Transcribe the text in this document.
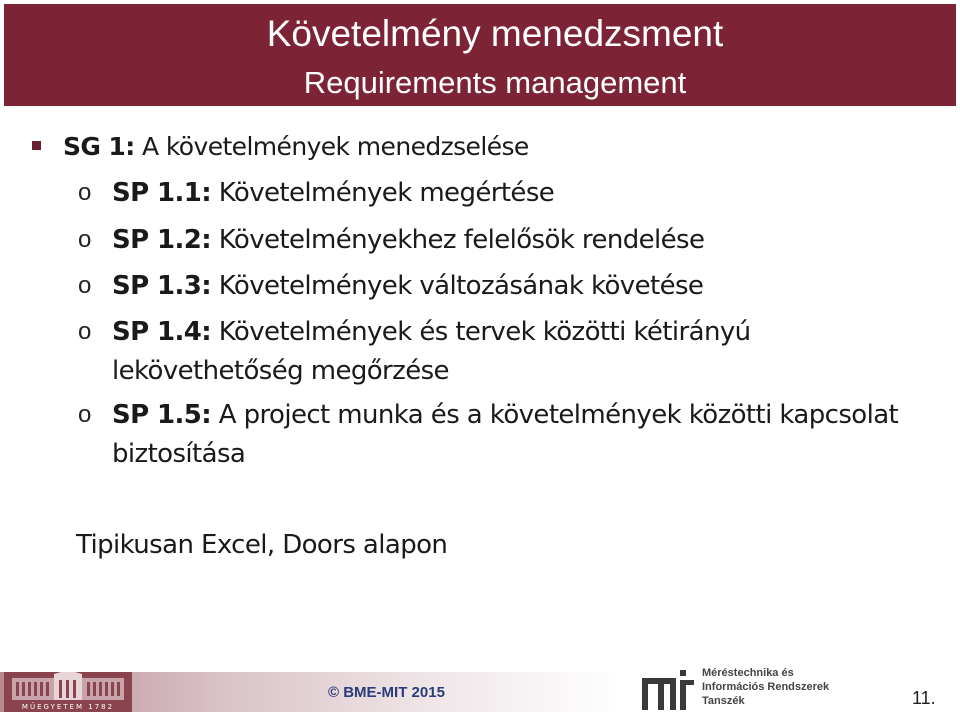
Követelmény menedzsment
Requirements management
SG 1: A követelmények menedzselése
o SP 1.1: Követelmények megértése
o SP 1.2: Követelményekhez felelősök rendelése
o SP 1.3: Követelmények változásának követése
o SP 1.4: Követelmények és tervek közötti kétirányú
lekövethetőség megőrzése
o SP 1.5: A project munka és a követelmények közötti kapcsolat
biztosítása
Tipikusan Excel, Doors alapon
MŰEGYETEM 1782
© BME-MIT 2015
Méréstechnika és
Információs Rendszerek
Tanszék	11.
